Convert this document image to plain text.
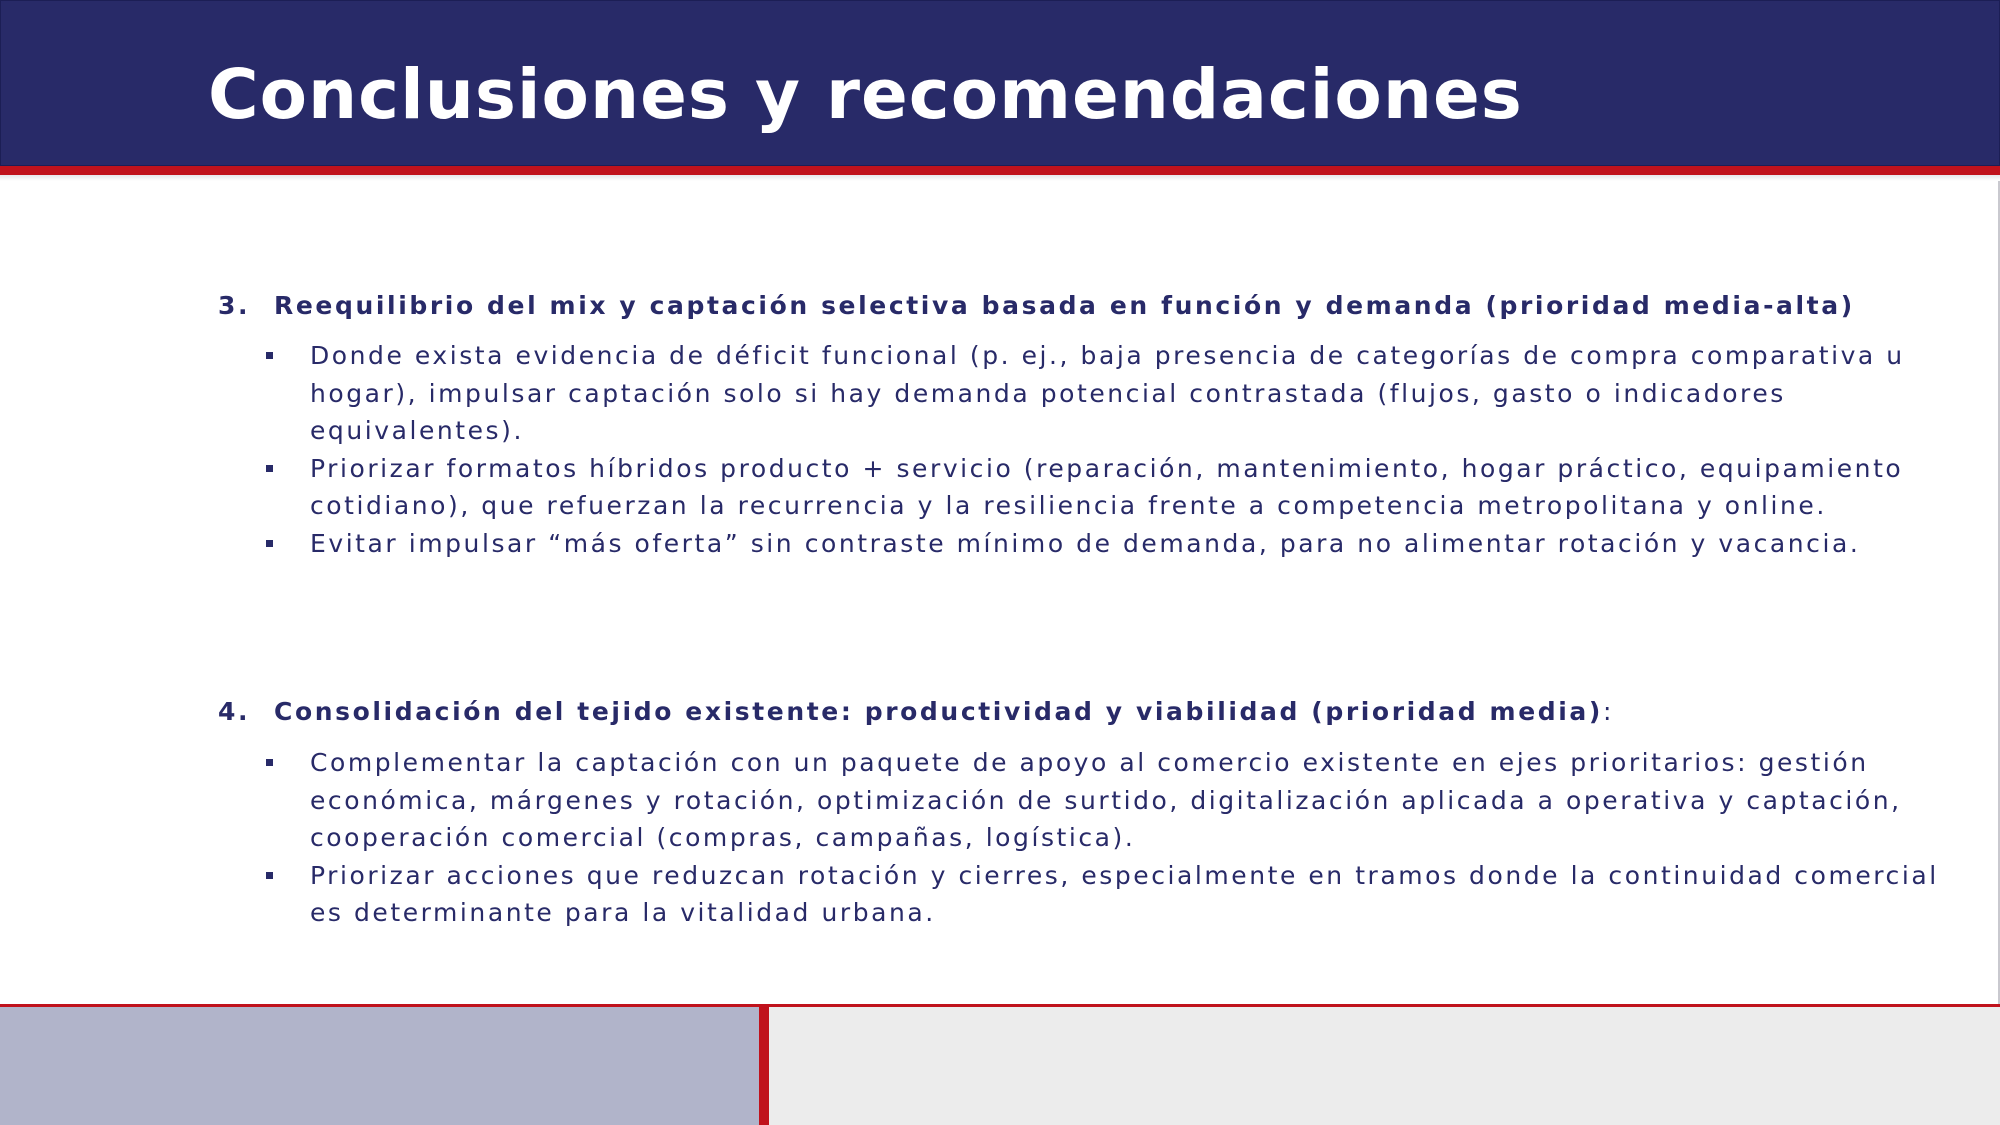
Conclusiones y recomendaciones
3. Reequilibrio del mix y captación selectiva basada en función y demanda (prioridad media-alta)
Donde exista evidencia de déficit funcional (p. ej., baja presencia de categorías de compra comparativa u hogar), impulsar captación solo si hay demanda potencial contrastada (flujos, gasto o indicadores equivalentes).
Priorizar formatos híbridos producto + servicio (reparación, mantenimiento, hogar práctico, equipamiento cotidiano), que refuerzan la recurrencia y la resiliencia frente a competencia metropolitana y online.
Evitar impulsar “más oferta” sin contraste mínimo de demanda, para no alimentar rotación y vacancia.
4. Consolidación del tejido existente: productividad y viabilidad (prioridad media):
Complementar la captación con un paquete de apoyo al comercio existente en ejes prioritarios: gestión económica, márgenes y rotación, optimización de surtido, digitalización aplicada a operativa y captación, cooperación comercial (compras, campañas, logística).
Priorizar acciones que reduzcan rotación y cierres, especialmente en tramos donde la continuidad comercial es determinante para la vitalidad urbana.
